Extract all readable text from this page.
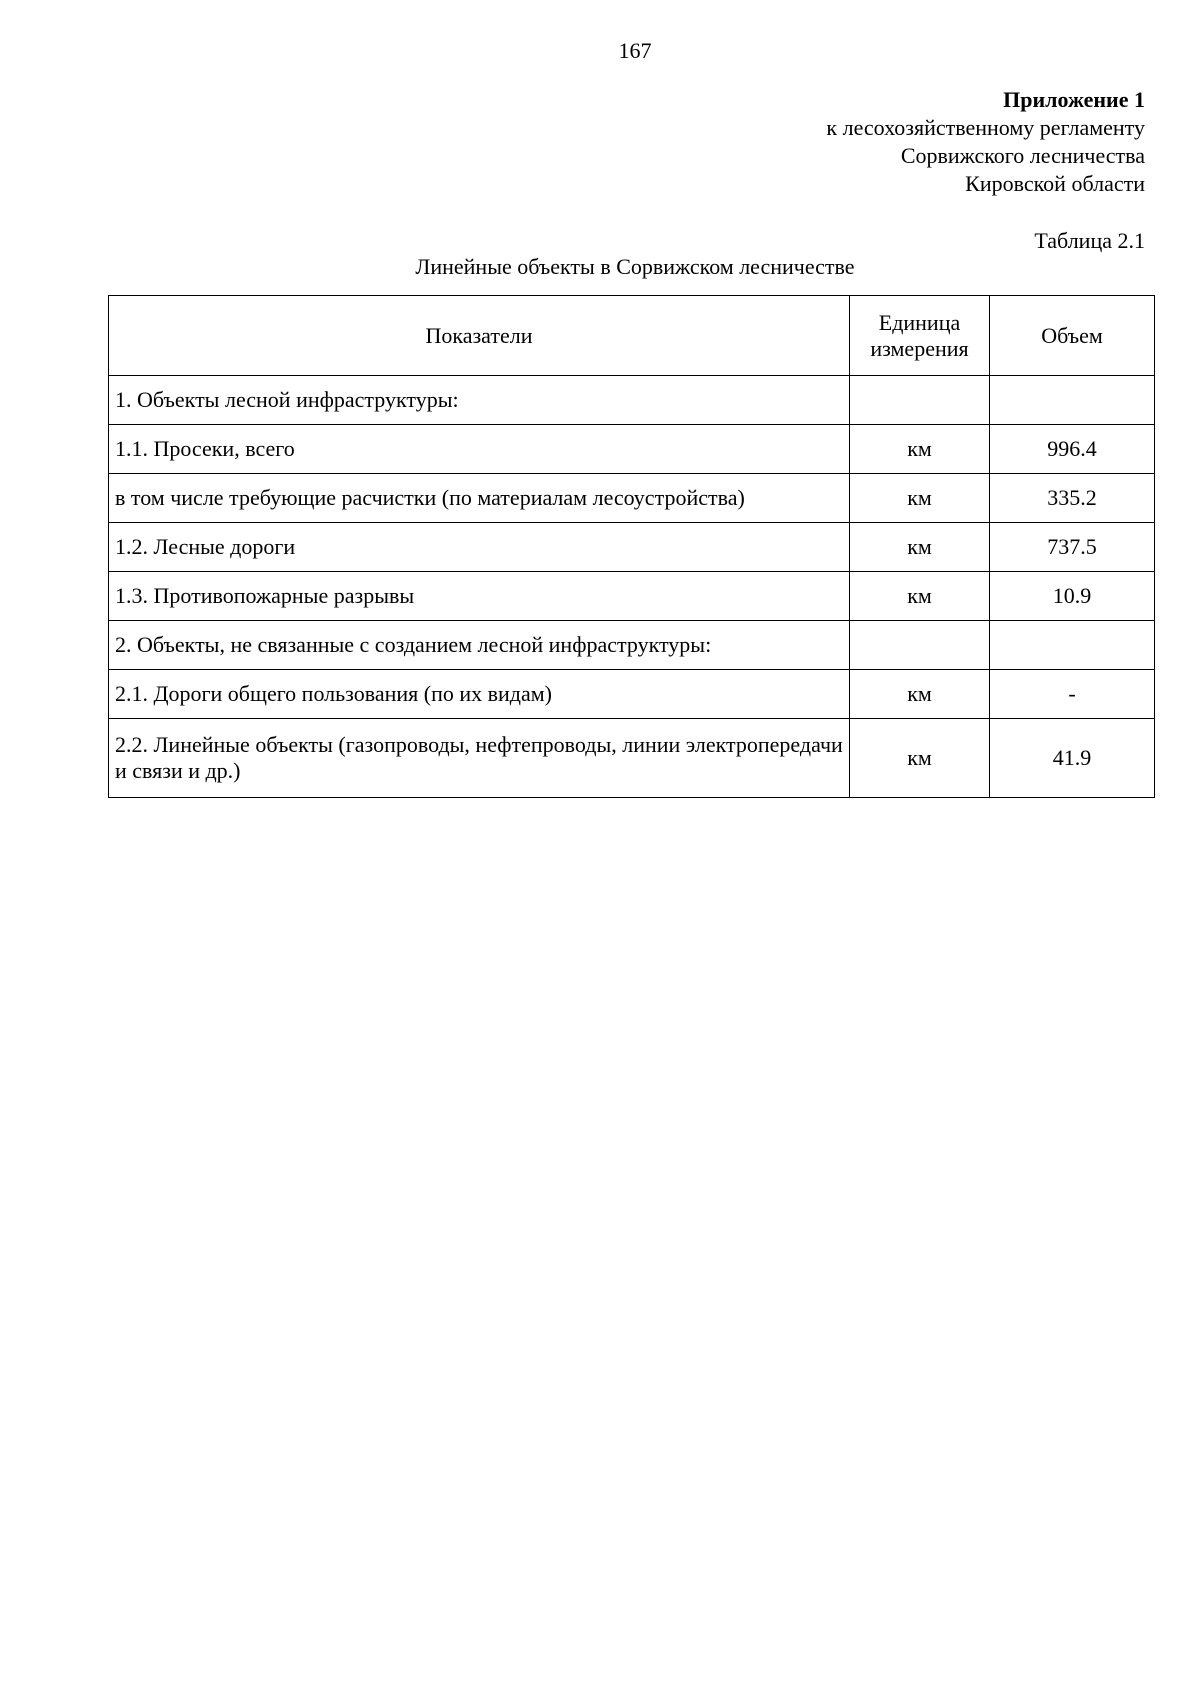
167
Приложение 1
к лесохозяйственному регламенту
Сорвижского лесничества
Кировской области
Таблица 2.1
Линейные объекты в Сорвижском лесничестве
Показатели	Единица измерения	Объем
1. Объекты лесной инфраструктуры:		
1.1. Просеки, всего	км	996.4
в том числе требующие расчистки (по материалам лесоустройства)	км	335.2
1.2. Лесные дороги	км	737.5
1.3. Противопожарные разрывы	км	10.9
2. Объекты, не связанные с созданием лесной инфраструктуры:		
2.1. Дороги общего пользования (по их видам)	км	-
2.2. Линейные объекты (газопроводы, нефтепроводы, линии электропередачи и связи и др.)	км	41.9
